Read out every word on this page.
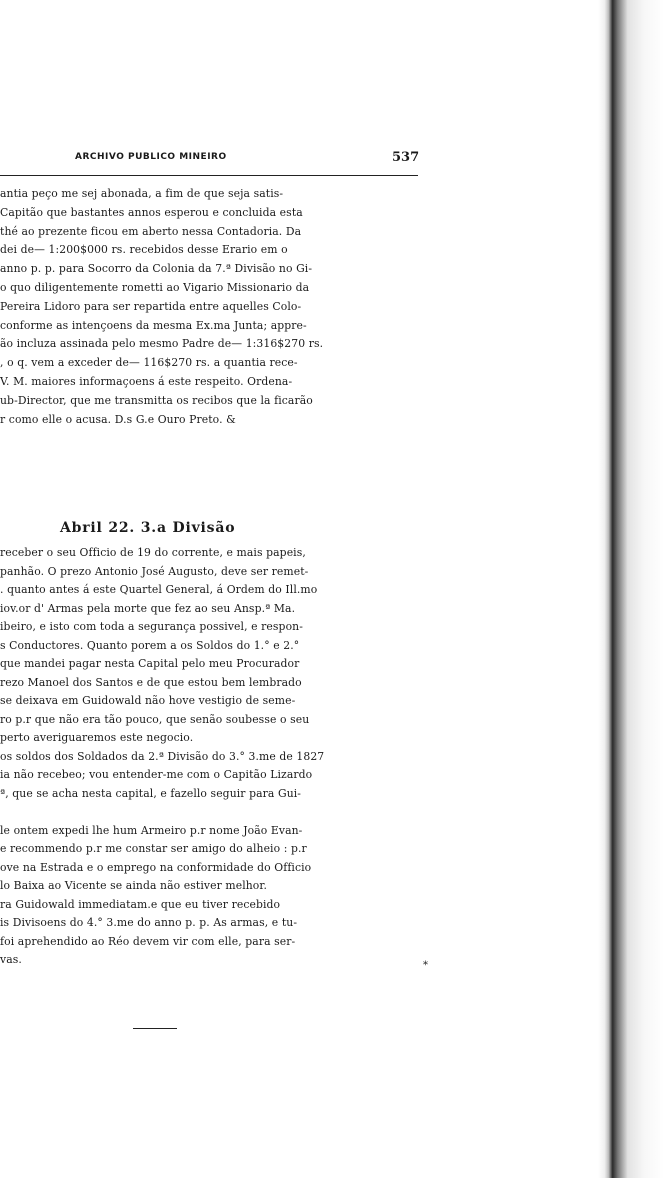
ARCHIVO PUBLICO MINEIRO	537
antia peço me sej abonada, a fim de que seja satis-
Capitão que bastantes annos esperou e concluida esta
thé ao prezente ficou em aberto nessa Contadoria. Da
dei de— 1:200$000 rs. recebidos desse Erario em o
anno p. p. para Socorro da Colonia da 7.ª Divisão no Gi-
o quo diligentemente rometti ao Vigario Missionario da
Pereira Lidoro para ser repartida entre aquelles Colo-
conforme as intençoens da mesma Ex.ma Junta; appre-
ão incluza assinada pelo mesmo Padre de— 1:316$270 rs.
, o q. vem a exceder de— 116$270 rs. a quantia rece-
V. M. maiores informaçoens á este respeito. Ordena-
ub-Director, que me transmitta os recibos que la ficarão
r como elle o acusa. D.s G.e Ouro Preto. &
Abril 22. 3.a Divisão
receber o seu Officio de 19 do corrente, e mais papeis,
panhão. O prezo Antonio José Augusto, deve ser remet-
. quanto antes á este Quartel General, á Ordem do Ill.mo
iov.or d' Armas pela morte que fez ao seu Ansp.ª Ma.
ibeiro, e isto com toda a segurança possivel, e respon-
s Conductores. Quanto porem a os Soldos do 1.° e 2.°
que mandei pagar nesta Capital pelo meu Procurador
rezo Manoel dos Santos e de que estou bem lembrado
se deixava em Guidowald não hove vestigio de seme-
ro p.r que não era tão pouco, que senão soubesse o seu
perto averiguaremos este negocio.
os soldos dos Soldados da 2.ª Divisão do 3.° 3.me de 1827
ia não recebeo; vou entender-me com o Capitão Lizardo
ª, que se acha nesta capital, e fazello seguir para Gui-
le ontem expedi lhe hum Armeiro p.r nome João Evan-
e recommendo p.r me constar ser amigo do alheio : p.r
ove na Estrada e o emprego na conformidade do Officio
lo Baixa ao Vicente se ainda não estiver melhor.
ra Guidowald immediatam.e que eu tiver recebido
is Divisoens do 4.° 3.me do anno p. p. As armas, e tu-
foi aprehendido ao Réo devem vir com elle, para ser-
vas.	*
